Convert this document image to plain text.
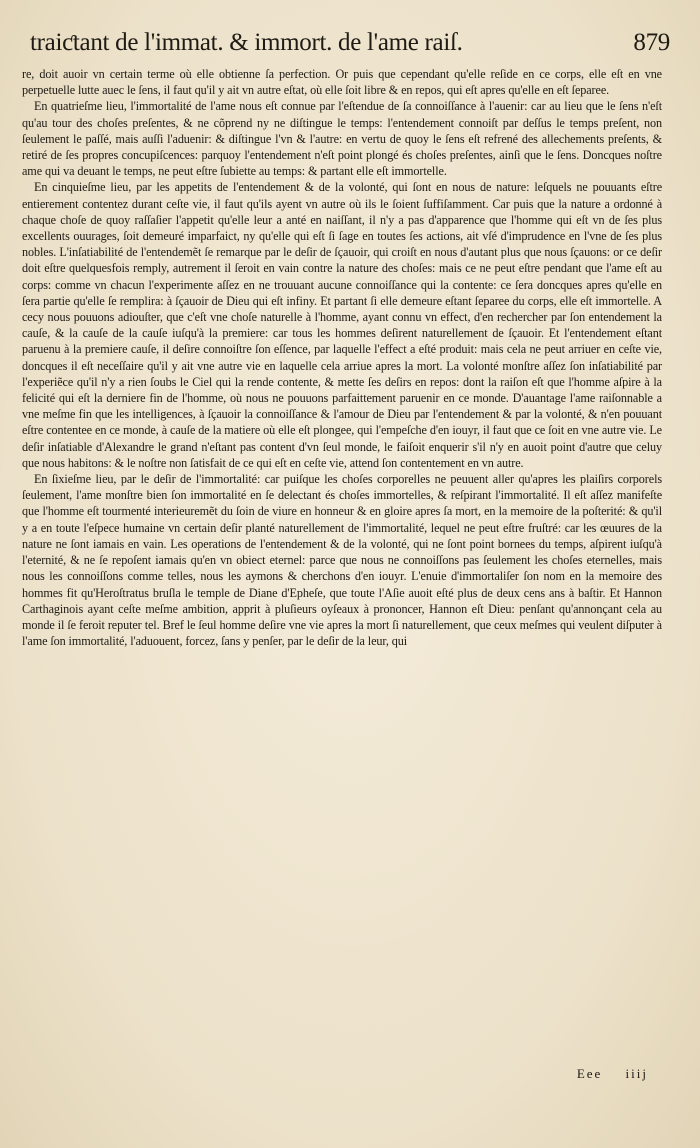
traiƈtant de l'immat. & immort. de l'ame raiſ.	879

re, doit auoir vn certain terme où elle obtienne ſa perfection. Or puis que cependant qu'elle reſide en ce corps, elle eſt en vne perpetuelle lutte auec le ſens, il faut qu'il y ait vn autre eſtat, où elle ſoit libre & en repos, qui eſt apres qu'elle en eſt ſeparee.

En quatrieſme lieu, l'immortalité de l'ame nous eſt connue par l'eſtendue de ſa connoiſſance à l'auenir: car au lieu que le ſens n'eſt qu'au tour des choſes preſentes, & ne cõprend ny ne diſtingue le temps: l'entendement connoiſt par deſſus le temps preſent, non ſeulement le paſſé, mais auſſi l'aduenir: & diſtingue l'vn & l'autre: en vertu de quoy le ſens eſt refrené des allechements preſents, & retiré de ſes propres concupiſcences: parquoy l'entendement n'eſt point plongé és choſes preſentes, ainſi que le ſens. Doncques noſtre ame qui va deuant le temps, ne peut eſtre ſubiette au temps: & partant elle eſt immortelle.

En cinquieſme lieu, par les appetits de l'entendement & de la volonté, qui ſont en nous de nature: leſquels ne pouuants eſtre entierement contentez durant ceſte vie, il faut qu'ils ayent vn autre où ils le ſoient ſuffiſamment. Car puis que la nature a ordonné à chaque choſe de quoy raſſaſier l'appetit qu'elle leur a anté en naiſſant, il n'y a pas d'apparence que l'homme qui eſt vn de ſes plus excellents ouurages, ſoit demeuré imparfaict, ny qu'elle qui eſt ſi ſage en toutes ſes actions, ait vſé d'imprudence en l'vne de ſes plus nobles. L'inſatiabilité de l'entendemẽt ſe remarque par le deſir de ſçauoir, qui croiſt en nous d'autant plus que nous ſçauons: or ce deſir doit eſtre quelquesfois remply, autrement il ſeroit en vain contre la nature des choſes: mais ce ne peut eſtre pendant que l'ame eſt au corps: comme vn chacun l'experimente aſſez en ne trouuant aucune connoiſſance qui la contente: ce ſera doncques apres qu'elle en ſera partie qu'elle ſe remplira: à ſçauoir de Dieu qui eſt infiny. Et partant ſi elle demeure eſtant ſeparee du corps, elle eſt immortelle. A cecy nous pouuons adiouſter, que c'eſt vne choſe naturelle à l'homme, ayant connu vn effect, d'en rechercher par ſon entendement la cauſe, & la cauſe de la cauſe iuſqu'à la premiere: car tous les hommes deſirent naturellement de ſçauoir. Et l'entendement eſtant paruenu à la premiere cauſe, il deſire connoiſtre ſon eſſence, par laquelle l'effect a eſté produit: mais cela ne peut arriuer en ceſte vie, doncques il eſt neceſſaire qu'il y ait vne autre vie en laquelle cela arriue apres la mort. La volonté monſtre aſſez ſon inſatiabilité par l'experiẽce qu'il n'y a rien ſoubs le Ciel qui la rende contente, & mette ſes deſirs en repos: dont la raiſon eſt que l'homme aſpire à la felicité qui eſt la derniere fin de l'homme, où nous ne pouuons parfaittement paruenir en ce monde. D'auantage l'ame raiſonnable a vne meſme fin que les intelligences, à ſçauoir la connoiſſance & l'amour de Dieu par l'entendement & par la volonté, & n'en pouuant eſtre contentee en ce monde, à cauſe de la matiere où elle eſt plongee, qui l'empeſche d'en iouyr, il faut que ce ſoit en vne autre vie. Le deſir inſatiable d'Alexandre le grand n'eſtant pas content d'vn ſeul monde, le faiſoit enquerir s'il n'y en auoit point d'autre que celuy que nous habitons: & le noſtre non ſatisfait de ce qui eſt en ceſte vie, attend ſon contentement en vn autre.

En ſixieſme lieu, par le deſir de l'immortalité: car puiſque les choſes corporelles ne peuuent aller qu'apres les plaiſirs corporels ſeulement, l'ame monſtre bien ſon immortalité en ſe delectant és choſes immortelles, & reſpirant l'immortalité. Il eſt aſſez manifeſte que l'homme eſt tourmenté interieuremẽt du ſoin de viure en honneur & en gloire apres ſa mort, en la memoire de la poſterité: & qu'il y a en toute l'eſpece humaine vn certain deſir planté naturellement de l'immortalité, lequel ne peut eſtre fruſtré: car les œuures de la nature ne ſont iamais en vain. Les operations de l'entendement & de la volonté, qui ne ſont point bornees du temps, aſpirent iuſqu'à l'eternité, & ne ſe repoſent iamais qu'en vn obiect eternel: parce que nous ne connoiſſons pas ſeulement les choſes eternelles, mais nous les connoiſſons comme telles, nous les aymons & cherchons d'en iouyr. L'enuie d'immortaliſer ſon nom en la memoire des hommes fit qu'Heroſtratus bruſla le temple de Diane d'Epheſe, que toute l'Aſie auoit eſté plus de deux cens ans à baſtir. Et Hannon Carthaginois ayant ceſte meſme ambition, apprit à pluſieurs oyſeaux à prononcer, Hannon eſt Dieu: penſant qu'annonçant cela au monde il ſe feroit reputer tel. Bref le ſeul homme deſire vne vie apres la mort ſi naturellement, que ceux meſmes qui veulent diſputer à l'ame ſon immortalité, l'aduouent, forcez, ſans y penſer, par le deſir de la leur, qui

Eee iiij
